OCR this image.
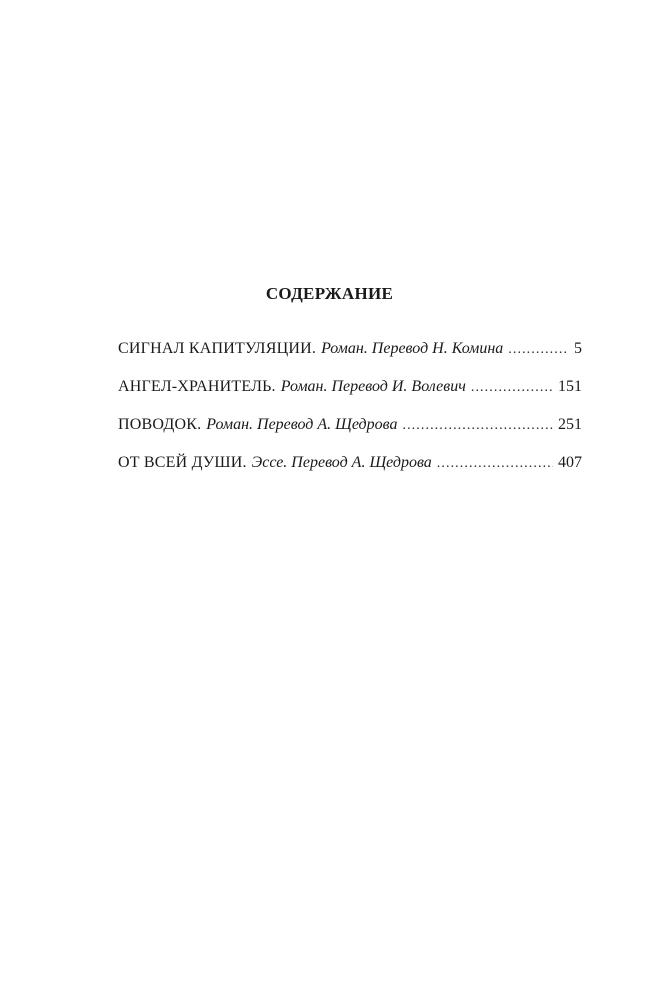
СОДЕРЖАНИЕ
СИГНАЛ КАПИТУЛЯЦИИ. Роман. Перевод Н. Комина . . .	5
АНГЕЛ-ХРАНИТЕЛЬ. Роман. Перевод И. Волевич . . .	151
ПОВОДОК. Роман. Перевод А. Щедрова . . .	251
ОТ ВСЕЙ ДУШИ. Эссе. Перевод А. Щедрова . . .	407
